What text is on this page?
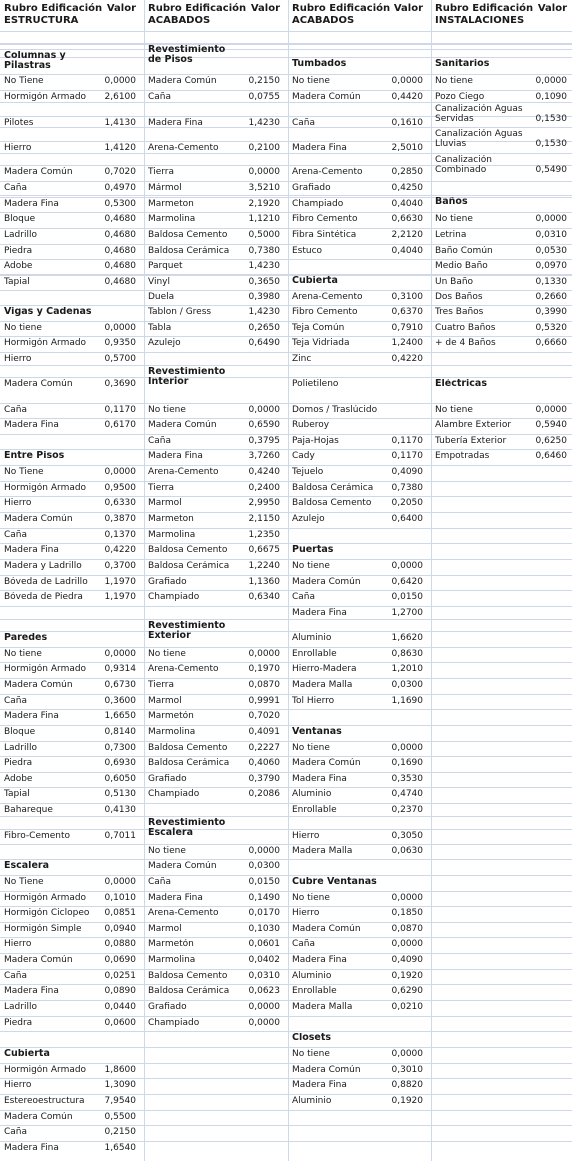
Rubro Edificación
ESTRUCTURA
Valor
Columnas y
Pilastras
No Tiene	0,0000
Hormigón Armado	2,6100
Pilotes	1,4130
Hierro	1,4120
Madera Común	0,7020
Caña	0,4970
Madera Fina	0,5300
Bloque	0,4680
Ladrillo	0,4680
Piedra	0,4680
Adobe	0,4680
Tapial	0,4680
Vigas y Cadenas
No tiene	0,0000
Hormigón Armado	0,9350
Hierro	0,5700
Madera Común	0,3690
Caña	0,1170
Madera Fina	0,6170
Entre Pisos
No Tiene	0,0000
Hormigón Armado	0,9500
Hierro	0,6330
Madera Común	0,3870
Caña	0,1370
Madera Fina	0,4220
Madera y Ladrillo	0,3700
Bóveda de Ladrillo	1,1970
Bóveda de Piedra	1,1970
Paredes
No tiene	0,0000
Hormigón Armado	0,9314
Madera Común	0,6730
Caña	0,3600
Madera Fina	1,6650
Bloque	0,8140
Ladrillo	0,7300
Piedra	0,6930
Adobe	0,6050
Tapial	0,5130
Bahareque	0,4130
Fibro-Cemento	0,7011
Escalera
No Tiene	0,0000
Hormigón Armado	0,1010
Hormigón Ciclopeo	0,0851
Hormigón Simple	0,0940
Hierro	0,0880
Madera Común	0,0690
Caña	0,0251
Madera Fina	0,0890
Ladrillo	0,0440
Piedra	0,0600
Cubierta
Hormigón Armado	1,8600
Hierro	1,3090
Estereoestructura	7,9540
Madera Común	0,5500
Caña	0,2150
Madera Fina	1,6540
Rubro Edificación
ACABADOS
Valor
Revestimiento
de Pisos
Madera Común	0,2150
Caña	0,0755
Madera Fina	1,4230
Arena-Cemento	0,2100
Tierra	0,0000
Mármol	3,5210
Marmeton	2,1920
Marmolina	1,1210
Baldosa Cemento	0,5000
Baldosa Cerámica	0,7380
Parquet	1,4230
Vinyl	0,3650
Duela	0,3980
Tablon / Gress	1,4230
Tabla	0,2650
Azulejo	0,6490
Revestimiento
Interior
No tiene	0,0000
Madera Común	0,6590
Caña	0,3795
Madera Fina	3,7260
Arena-Cemento	0,4240
Tierra	0,2400
Marmol	2,9950
Marmeton	2,1150
Marmolina	1,2350
Baldosa Cemento	0,6675
Baldosa Cerámica	1,2240
Grafiado	1,1360
Champiado	0,6340
Revestimiento
Exterior
No tiene	0,0000
Arena-Cemento	0,1970
Tierra	0,0870
Marmol	0,9991
Marmetón	0,7020
Marmolina	0,4091
Baldosa Cemento	0,2227
Baldosa Cerámica	0,4060
Grafiado	0,3790
Champiado	0,2086
Revestimiento
Escalera
No tiene	0,0000
Madera Común	0,0300
Caña	0,0150
Madera Fina	0,1490
Arena-Cemento	0,0170
Marmol	0,1030
Marmetón	0,0601
Marmolina	0,0402
Baldosa Cemento	0,0310
Baldosa Cerámica	0,0623
Grafiado	0,0000
Champiado	0,0000
Rubro Edificación
ACABADOS
Valor
Tumbados
No tiene	0,0000
Madera Común	0,4420
Caña	0,1610
Madera Fina	2,5010
Arena-Cemento	0,2850
Grafiado	0,4250
Champiado	0,4040
Fibro Cemento	0,6630
Fibra Sintética	2,2120
Estuco	0,4040
Cubierta
Arena-Cemento	0,3100
Fibro Cemento	0,6370
Teja Común	0,7910
Teja Vidriada	1,2400
Zinc	0,4220
Polietileno
Domos / Traslúcido
Ruberoy
Paja-Hojas	0,1170
Cady	0,1170
Tejuelo	0,4090
Baldosa Cerámica	0,7380
Baldosa Cemento	0,2050
Azulejo	0,6400
Puertas
No tiene	0,0000
Madera Común	0,6420
Caña	0,0150
Madera Fina	1,2700
Aluminio	1,6620
Enrollable	0,8630
Hierro-Madera	1,2010
Madera Malla	0,0300
Tol Hierro	1,1690
Ventanas
No tiene	0,0000
Madera Común	0,1690
Madera Fina	0,3530
Aluminio	0,4740
Enrollable	0,2370
Hierro	0,3050
Madera Malla	0,0630
Cubre Ventanas
No tiene	0,0000
Hierro	0,1850
Madera Común	0,0870
Caña	0,0000
Madera Fina	0,4090
Aluminio	0,1920
Enrollable	0,6290
Madera Malla	0,0210
Closets
No tiene	0,0000
Madera Común	0,3010
Madera Fina	0,8820
Aluminio	0,1920
Rubro Edificación
INSTALACIONES
Valor
Sanitarios
No tiene	0,0000
Pozo Ciego	0,1090
Canalización Aguas
Servidas	0,1530
Canalización Aguas
Lluvias	0,1530
Canalización
Combinado	0,5490
Baños
No tiene	0,0000
Letrina	0,0310
Baño Común	0,0530
Medio Baño	0,0970
Un Baño	0,1330
Dos Baños	0,2660
Tres Baños	0,3990
Cuatro Baños	0,5320
+ de 4 Baños	0,6660
Eléctricas
No tiene	0,0000
Alambre Exterior	0,5940
Tubería Exterior	0,6250
Empotradas	0,6460
